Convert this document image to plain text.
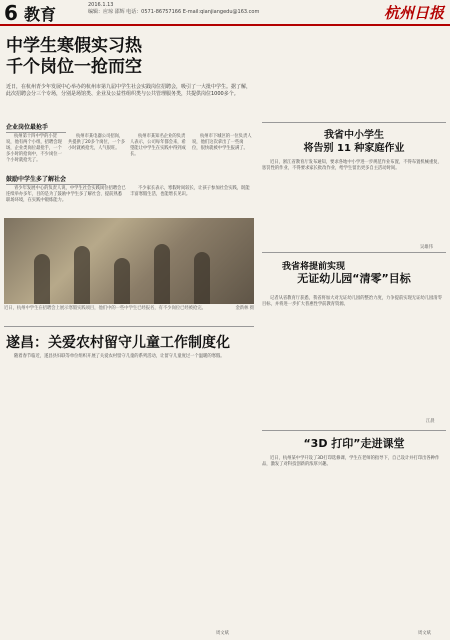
6 教育	2016.1.13
编辑：应琼 邵辉 电话：0571-86757166 E-mail:qianjiangedu@163.com	杭州日报
中学生寒假实习热
千个岗位一抢而空
近日，在杭州青少年发展中心举办的杭州市第九届中学生社会实践岗位招聘会，吸引了一大批中学生。据了解，此次招聘会分三个专场，分别是场馆类、企业及公益性组织类与公共管理服务类，共提供岗位1000多个。
企业岗位最抢手

杭州第十四中学的小贺说，他有两个小组，招聘会现场，企业类岗位最抢手，一个多小时的抢岗中，不少岗位一个小时就抢光了。

杭州市某电器公司招岗，共提供了20多个岗位，一个多小时就被抢光，人气很旺。

杭州市某知名企业的负责人表示，公司每年都会来，希望能让中学生在实践中得到成长。

杭州市下城区的一位负责人说，他们这次拿出了一些岗位，很快就被中学生报满了。

鼓励中学生多了解社会

青少年发展中心的负责人说，中学生社会实践岗位招聘会已连续举办多年，目的是为了鼓励中学生多了解社会、提前熟悉职场环境，在实践中锻炼能力。

不少家长表示，寒假时间较长，让孩子参加社会实践，既能丰富寒假生活，也能增长见识。

近日，杭州中学生在招聘会上展示寒假实践项目，他们中的一些中学生已经报名，有不少岗位已经被抢完。	金新林 摄
遂昌：关爱农村留守儿童工作制度化

随着春节临近，遂昌县妇联等单位组织开展了关爱农村留守儿童的系列活动，让留守儿童度过一个温暖的寒假。

周文斌
我省中小学生
将告别 11 种家庭作业

近日，浙江省教育厅发布通知，要求各地中小学进一步规范作业布置，不得布置机械重复、惩罚性的作业，不得要求家长批改作业，给学生留出更多自主活动时间。

吴雄伟
我省将提前实现
无证幼儿园“清零”目标

记者从省教育厅获悉，我省将加大对无证幼儿园的整治力度，力争提前实现无证幼儿园清零目标，并将进一步扩大普惠性学前教育资源。

江晨
“3D 打印”走进课堂

近日，杭州某中学开设了3D打印选修课，学生在老师的指导下，自己设计并打印出各种作品，激发了对科技创新的浓厚兴趣。

周文斌
